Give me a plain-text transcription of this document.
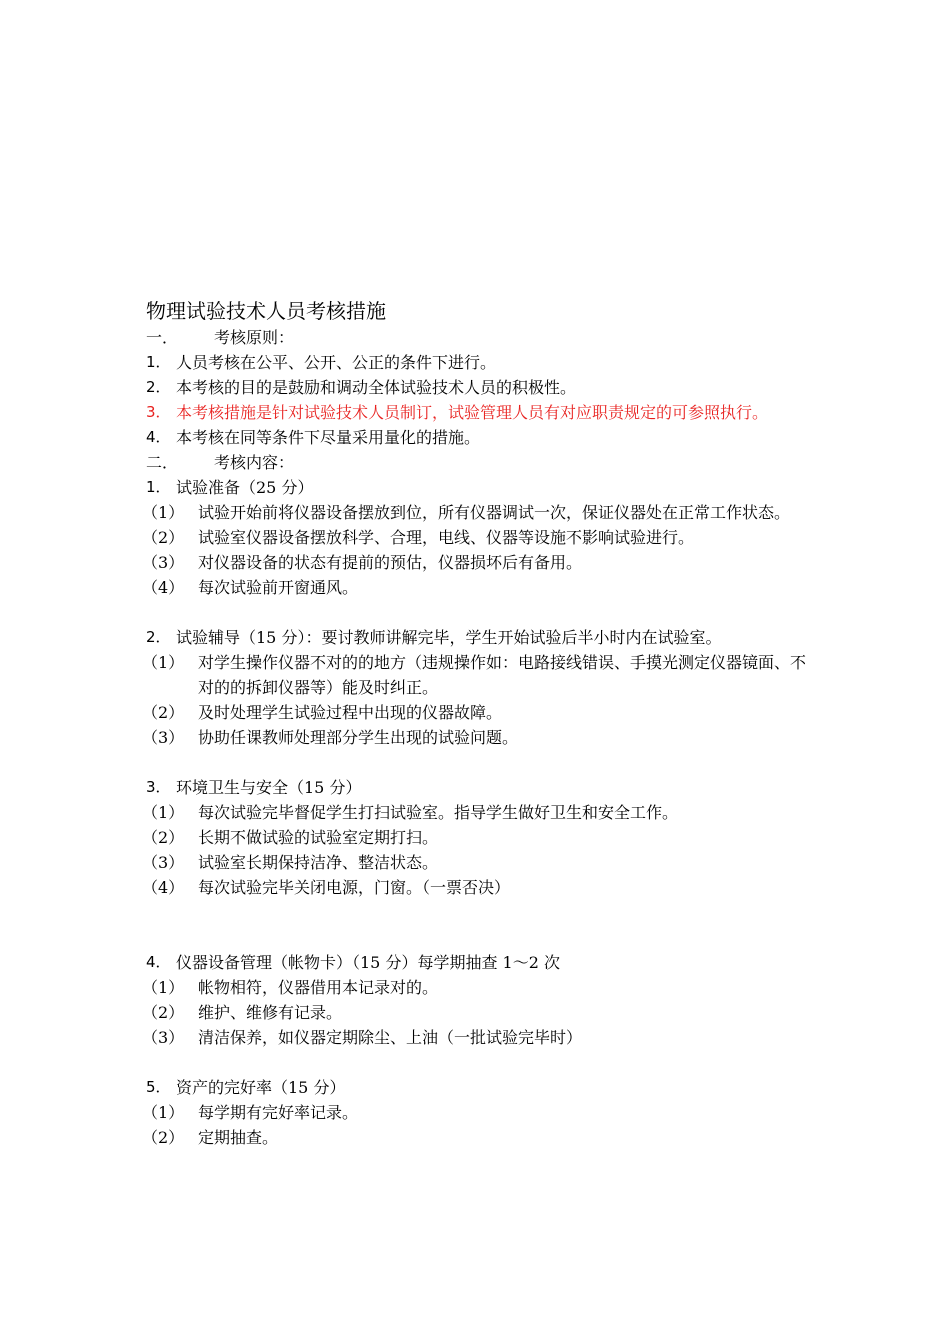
物理试验技术人员考核措施
一．	考核原则：
1． 人员考核在公平、公开、公正的条件下进行。
2． 本考核的目的是鼓励和调动全体试验技术人员的积极性。
3． 本考核措施是针对试验技术人员制订，试验管理人员有对应职责规定的可参照执行。
4． 本考核在同等条件下尽量采用量化的措施。
二．	考核内容：
1． 试验准备（25 分）
（1） 试验开始前将仪器设备摆放到位，所有仪器调试一次，保证仪器处在正常工作状态。
（2） 试验室仪器设备摆放科学、合理，电线、仪器等设施不影响试验进行。
（3） 对仪器设备的状态有提前的预估，仪器损坏后有备用。
（4） 每次试验前开窗通风。
2． 试验辅导（15 分）：要讨教师讲解完毕，学生开始试验后半小时内在试验室。
（1） 对学生操作仪器不对的的地方（违规操作如：电路接线错误、手摸光测定仪器镜面、不对的的拆卸仪器等）能及时纠正。
（2） 及时处理学生试验过程中出现的仪器故障。
（3） 协助任课教师处理部分学生出现的试验问题。
3． 环境卫生与安全（15 分）
（1） 每次试验完毕督促学生打扫试验室。指导学生做好卫生和安全工作。
（2） 长期不做试验的试验室定期打扫。
（3） 试验室长期保持洁净、整洁状态。
（4） 每次试验完毕关闭电源，门窗。（一票否决）
4． 仪器设备管理（帐物卡）（15 分）每学期抽查 1～2 次
（1） 帐物相符，仪器借用本记录对的。
（2） 维护、维修有记录。
（3） 清洁保养，如仪器定期除尘、上油（一批试验完毕时）
5． 资产的完好率（15 分）
（1） 每学期有完好率记录。
（2） 定期抽查。
